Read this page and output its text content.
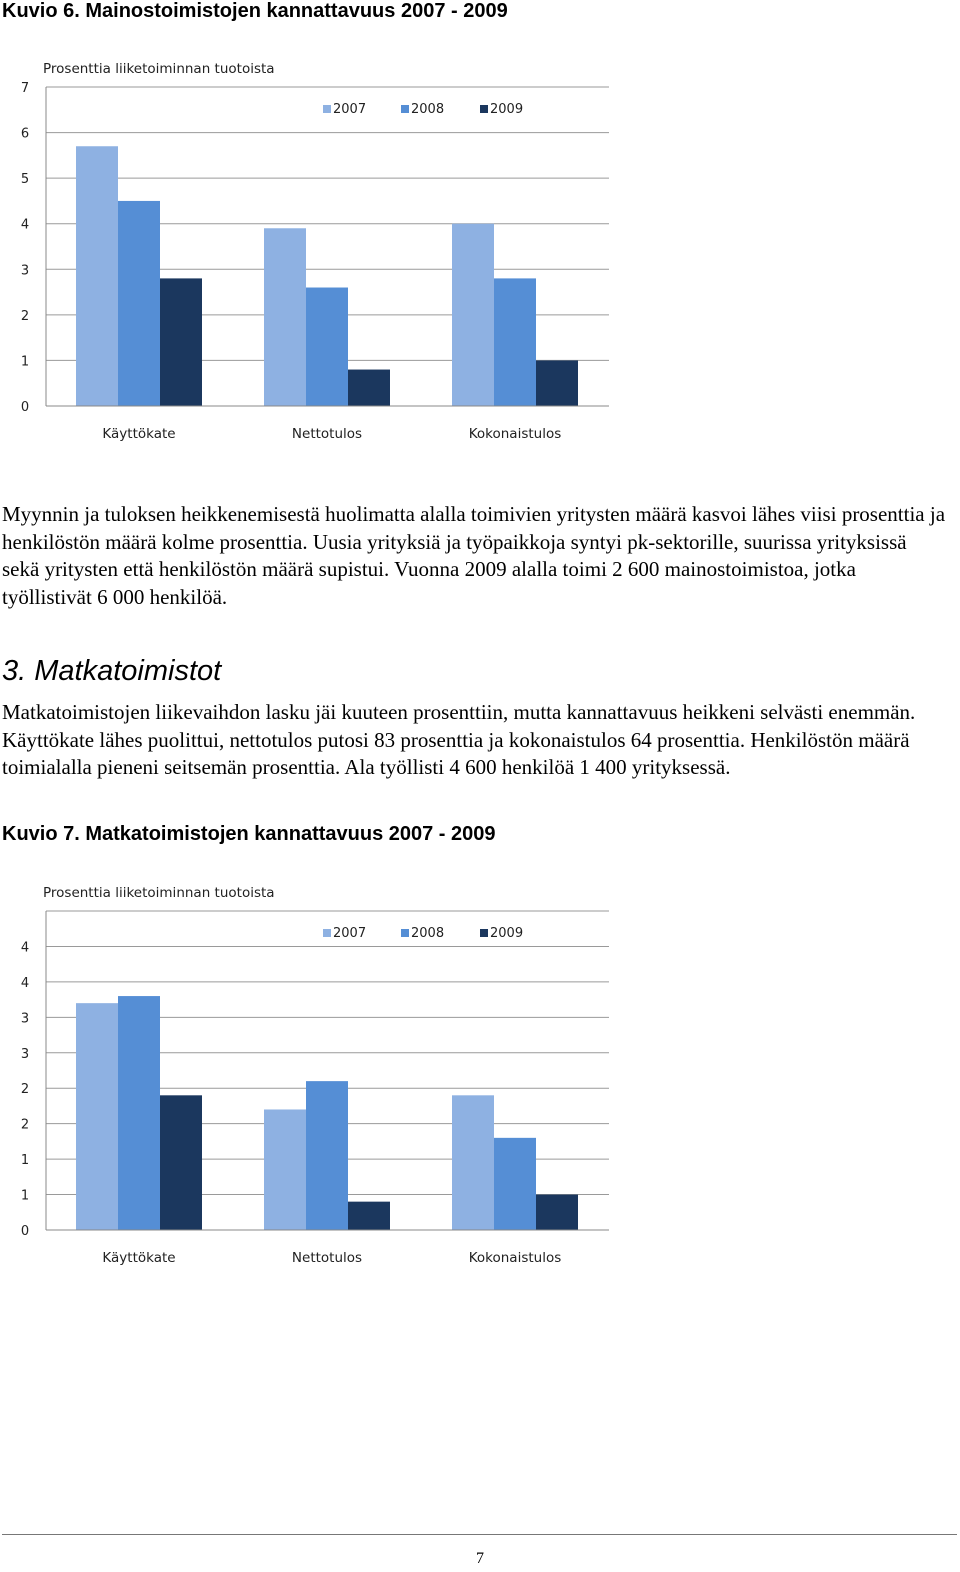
Kuvio 6. Mainostoimistojen kannattavuus 2007 - 2009
Prosenttia liiketoiminnan tuotoista
0
1
2
3
4
5
6
7
Käyttökate	Nettotulos	Kokonaistulos
2007	2008	2009

Myynnin ja tuloksen heikkenemisestä huolimatta alalla toimivien yritysten määrä kasvoi lähes viisi prosenttia ja henkilöstön määrä kolme prosenttia. Uusia yrityksiä ja työpaikkoja syntyi pk-sektorille, suurissa yrityksissä sekä yritysten että henkilöstön määrä supistui. Vuonna 2009 alalla toimi 2 600 mainostoimistoa, jotka työllistivät 6 000 henkilöä.

3. Matkatoimistot

Matkatoimistojen liikevaihdon lasku jäi kuuteen prosenttiin, mutta kannattavuus heikkeni selvästi enemmän. Käyttökate lähes puolittui, nettotulos putosi 83 prosenttia ja kokonaistulos 64 prosenttia. Henkilöstön määrä toimialalla pieneni seitsemän prosenttia. Ala työllisti 4 600 henkilöä 1 400 yrityksessä.

Kuvio 7. Matkatoimistojen kannattavuus 2007 - 2009
Prosenttia liiketoiminnan tuotoista
0
1
1
2
2
3
3
4
4
Käyttökate	Nettotulos	Kokonaistulos
2007	2008	2009
7
